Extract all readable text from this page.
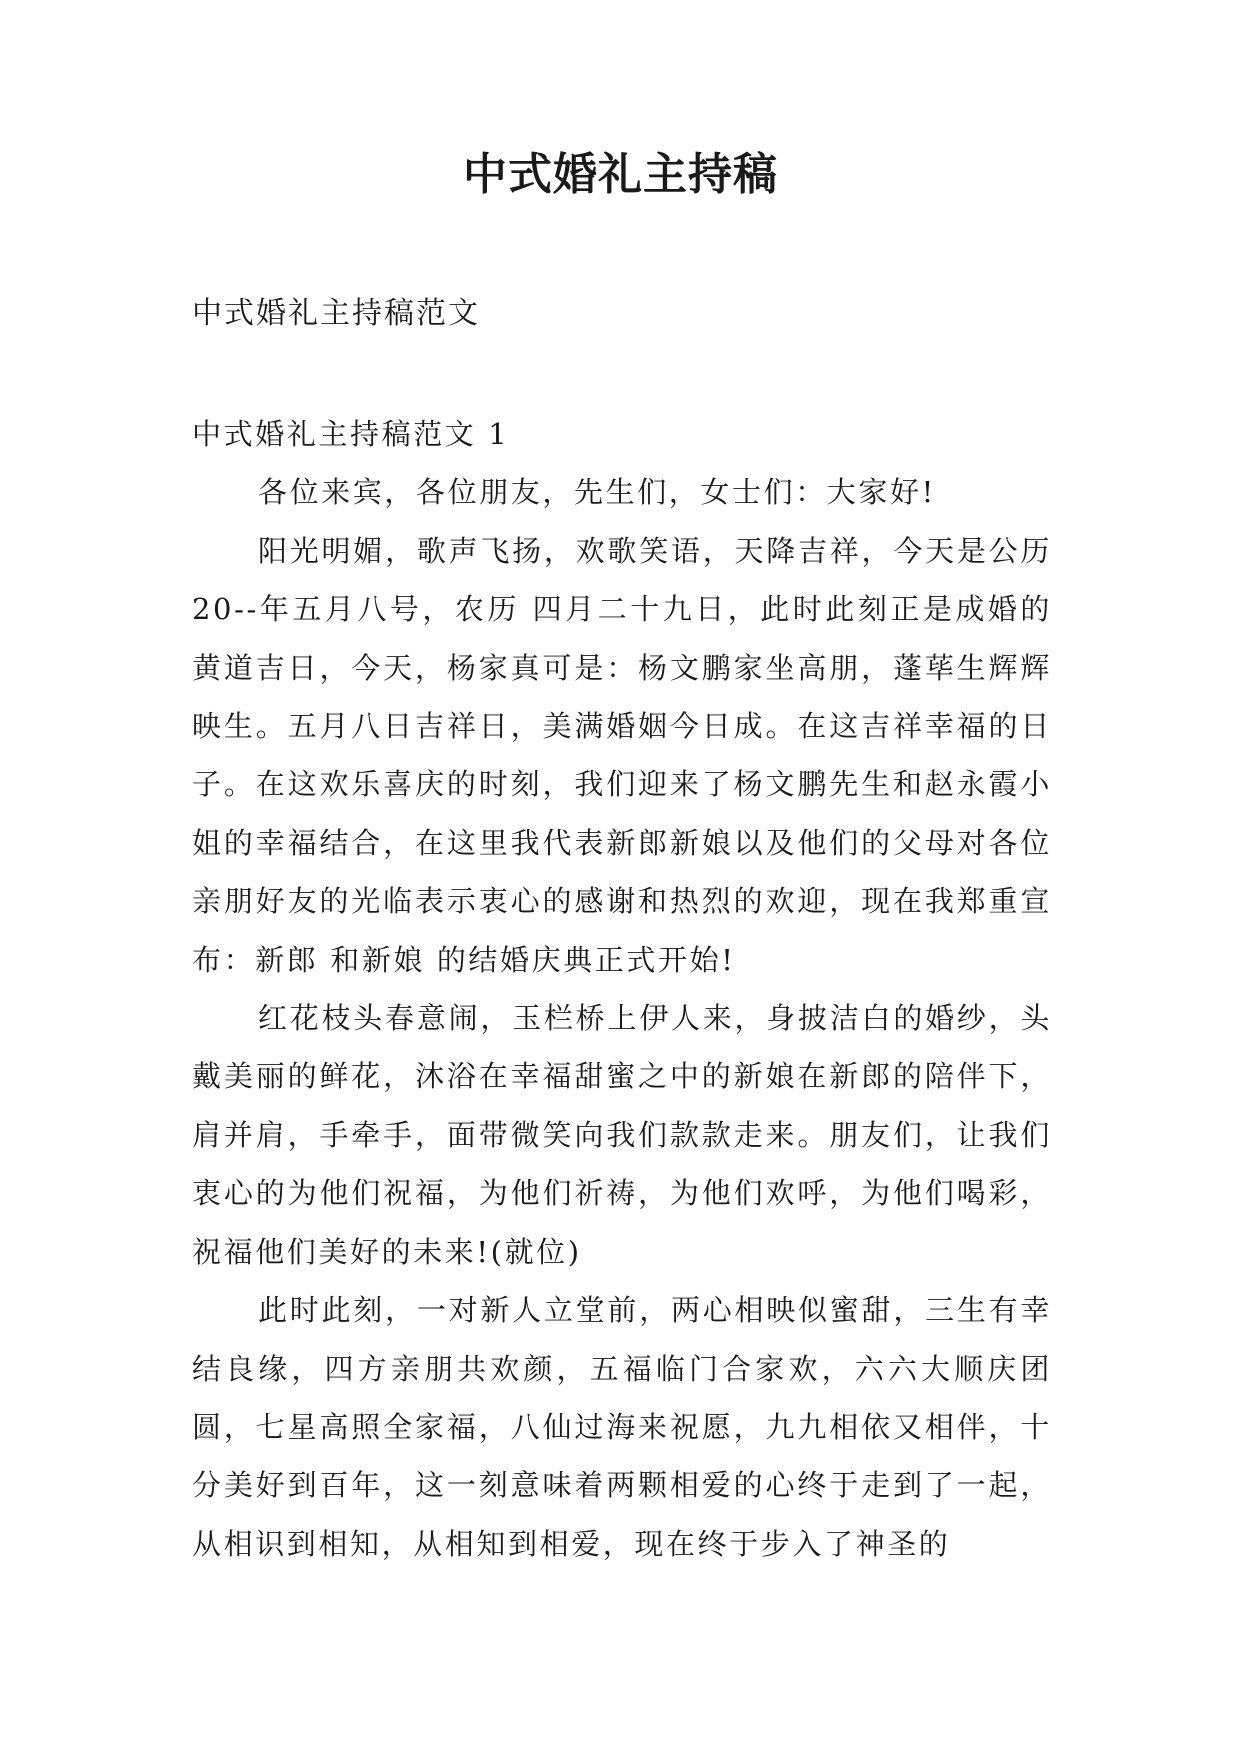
中式婚礼主持稿

中式婚礼主持稿范文

中式婚礼主持稿范文 1

各位来宾，各位朋友，先生们，女士们：大家好!

阳光明媚，歌声飞扬，欢歌笑语，天降吉祥，今天是公历 20--年五月八号，农历 四月二十九日，此时此刻正是成婚的黄道吉日，今天，杨家真可是：杨文鹏家坐高朋，蓬荜生辉辉映生。五月八日吉祥日，美满婚姻今日成。在这吉祥幸福的日子。在这欢乐喜庆的时刻，我们迎来了杨文鹏先生和赵永霞小姐的幸福结合，在这里我代表新郎新娘以及他们的父母对各位亲朋好友的光临表示衷心的感谢和热烈的欢迎，现在我郑重宣布：新郎 和新娘 的结婚庆典正式开始!

红花枝头春意闹，玉栏桥上伊人来，身披洁白的婚纱，头戴美丽的鲜花，沐浴在幸福甜蜜之中的新娘在新郎的陪伴下，肩并肩，手牵手，面带微笑向我们款款走来。朋友们，让我们衷心的为他们祝福，为他们祈祷，为他们欢呼，为他们喝彩，祝福他们美好的未来!(就位)

此时此刻，一对新人立堂前，两心相映似蜜甜，三生有幸结良缘，四方亲朋共欢颜，五福临门合家欢，六六大顺庆团圆，七星高照全家福，八仙过海来祝愿，九九相依又相伴，十分美好到百年，这一刻意味着两颗相爱的心终于走到了一起，从相识到相知，从相知到相爱，现在终于步入了神圣的
